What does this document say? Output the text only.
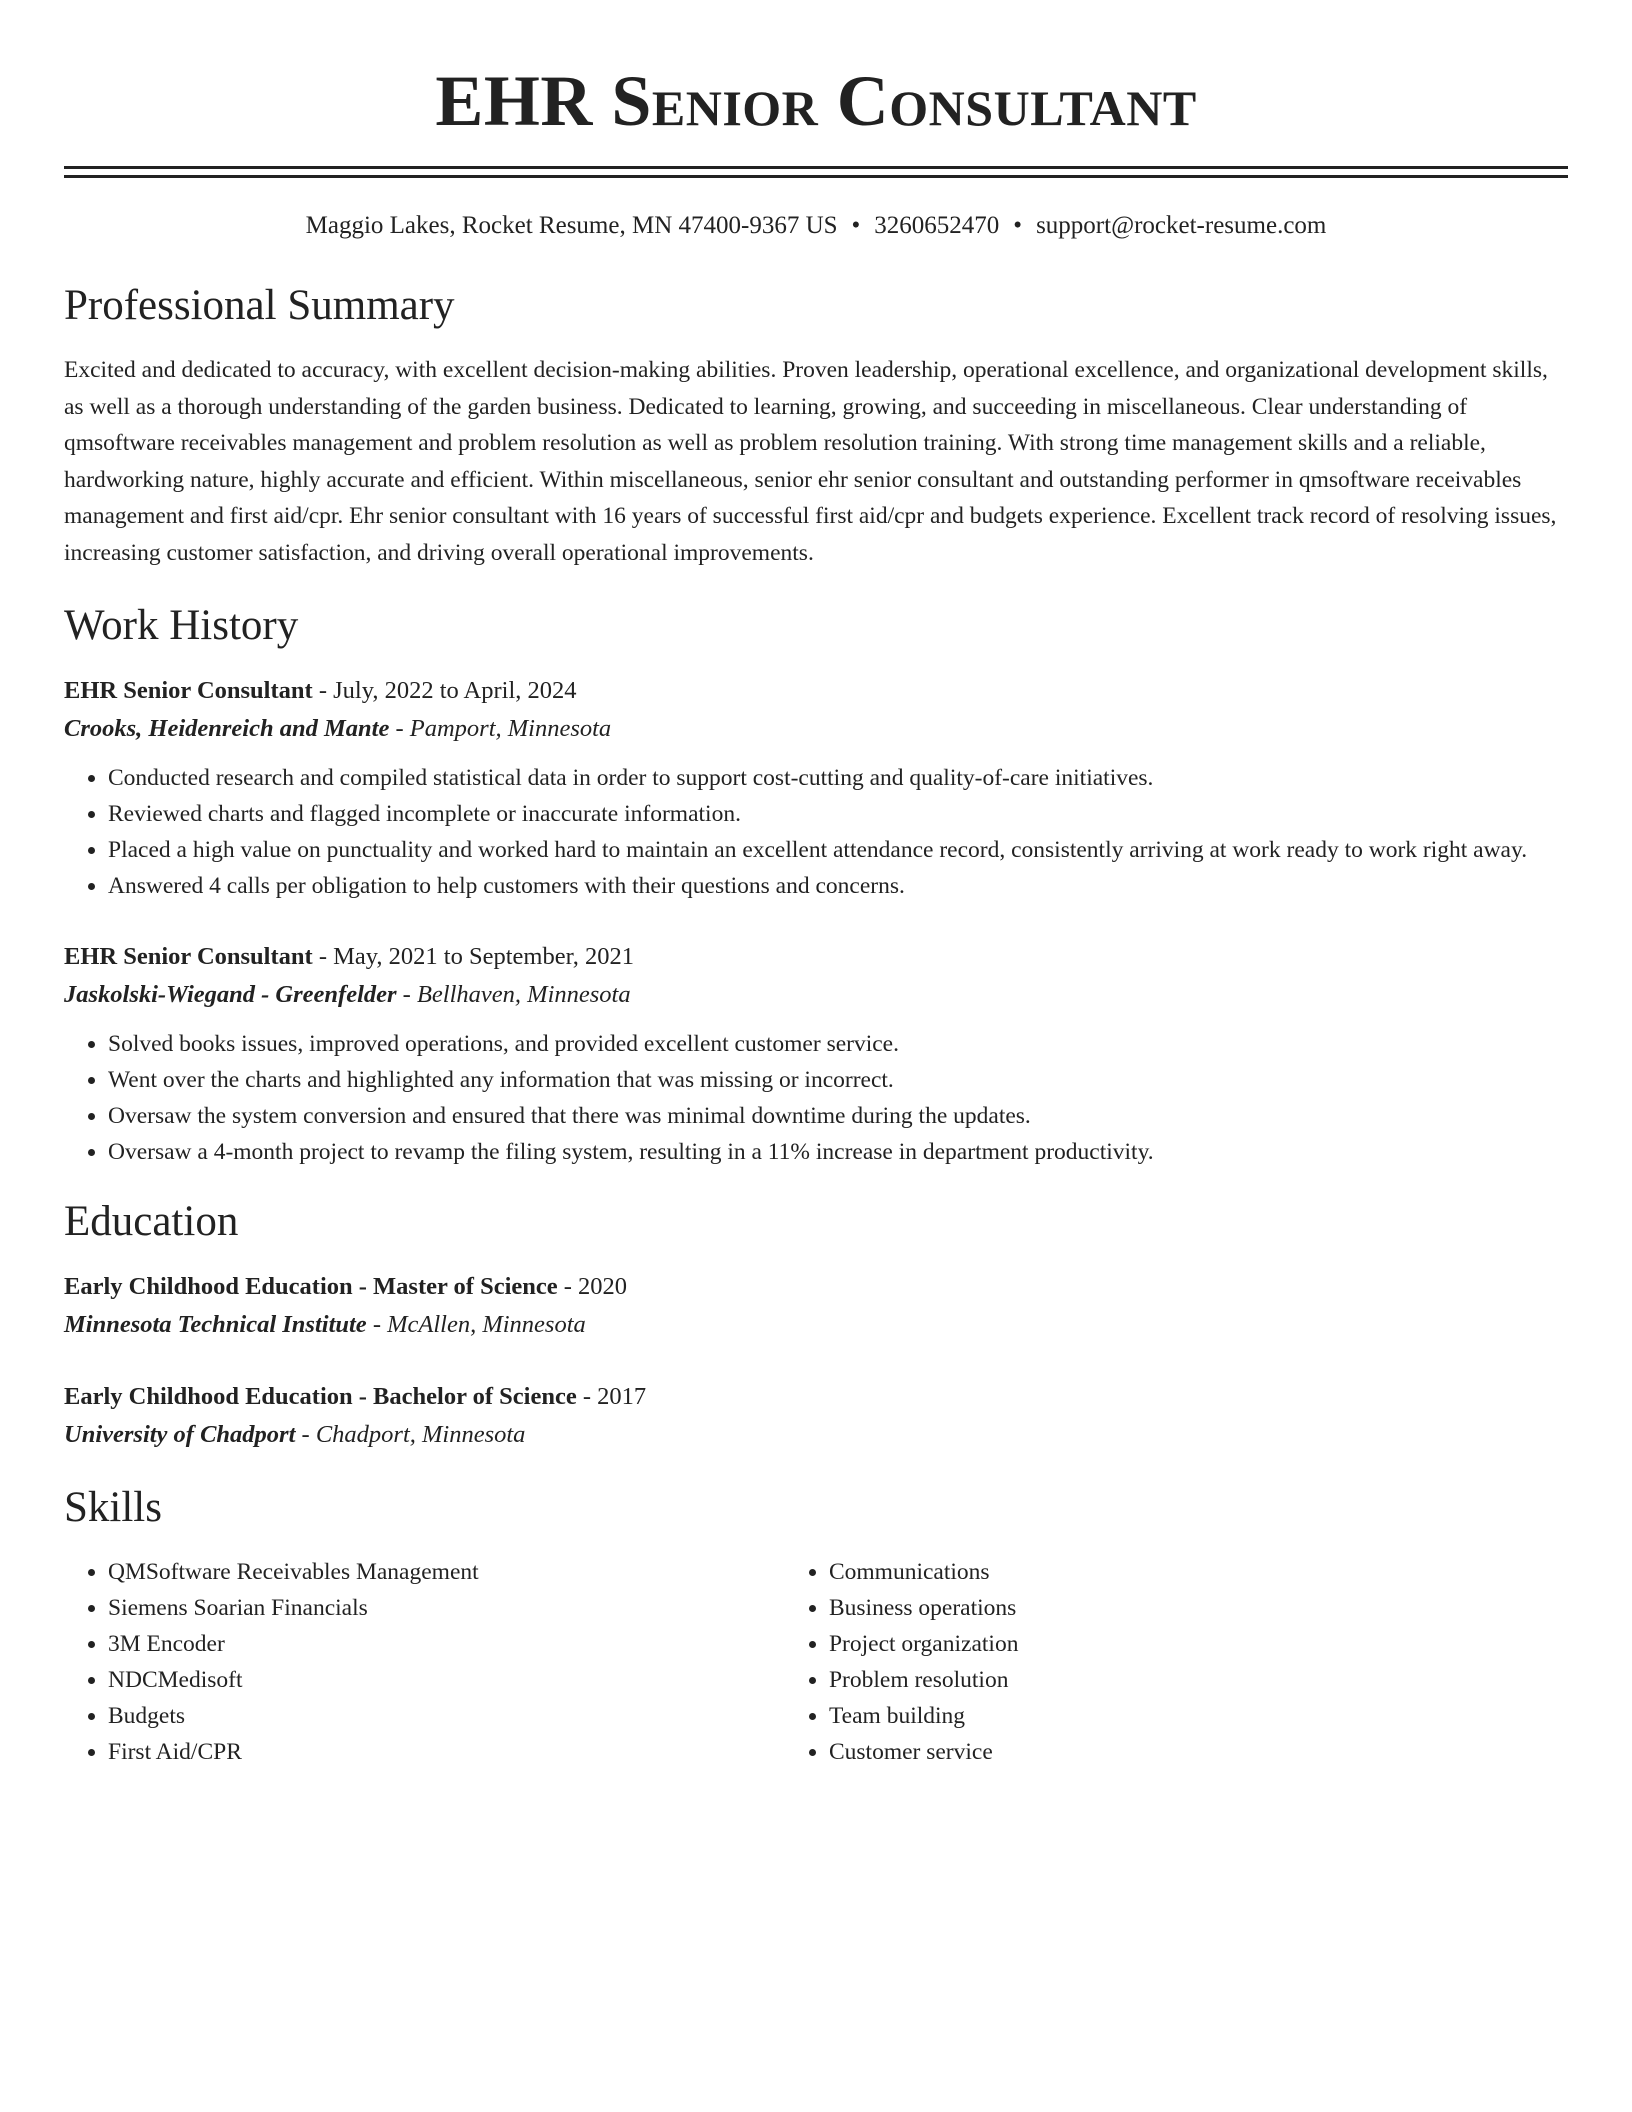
EHR Senior Consultant
Maggio Lakes, Rocket Resume, MN 47400-9367 US • 3260652470 • support@rocket-resume.com
Professional Summary
Excited and dedicated to accuracy, with excellent decision-making abilities. Proven leadership, operational excellence, and organizational development skills, as well as a thorough understanding of the garden business. Dedicated to learning, growing, and succeeding in miscellaneous. Clear understanding of qmsoftware receivables management and problem resolution as well as problem resolution training. With strong time management skills and a reliable, hardworking nature, highly accurate and efficient. Within miscellaneous, senior ehr senior consultant and outstanding performer in qmsoftware receivables management and first aid/cpr. Ehr senior consultant with 16 years of successful first aid/cpr and budgets experience. Excellent track record of resolving issues, increasing customer satisfaction, and driving overall operational improvements.
Work History
EHR Senior Consultant - July, 2022 to April, 2024
Crooks, Heidenreich and Mante - Pamport, Minnesota
• Conducted research and compiled statistical data in order to support cost-cutting and quality-of-care initiatives.
• Reviewed charts and flagged incomplete or inaccurate information.
• Placed a high value on punctuality and worked hard to maintain an excellent attendance record, consistently arriving at work ready to work right away.
• Answered 4 calls per obligation to help customers with their questions and concerns.
EHR Senior Consultant - May, 2021 to September, 2021
Jaskolski-Wiegand - Greenfelder - Bellhaven, Minnesota
• Solved books issues, improved operations, and provided excellent customer service.
• Went over the charts and highlighted any information that was missing or incorrect.
• Oversaw the system conversion and ensured that there was minimal downtime during the updates.
• Oversaw a 4-month project to revamp the filing system, resulting in a 11% increase in department productivity.
Education
Early Childhood Education - Master of Science - 2020
Minnesota Technical Institute - McAllen, Minnesota
Early Childhood Education - Bachelor of Science - 2017
University of Chadport - Chadport, Minnesota
Skills
• QMSoftware Receivables Management
• Siemens Soarian Financials
• 3M Encoder
• NDCMedisoft
• Budgets
• First Aid/CPR
• Communications
• Business operations
• Project organization
• Problem resolution
• Team building
• Customer service
